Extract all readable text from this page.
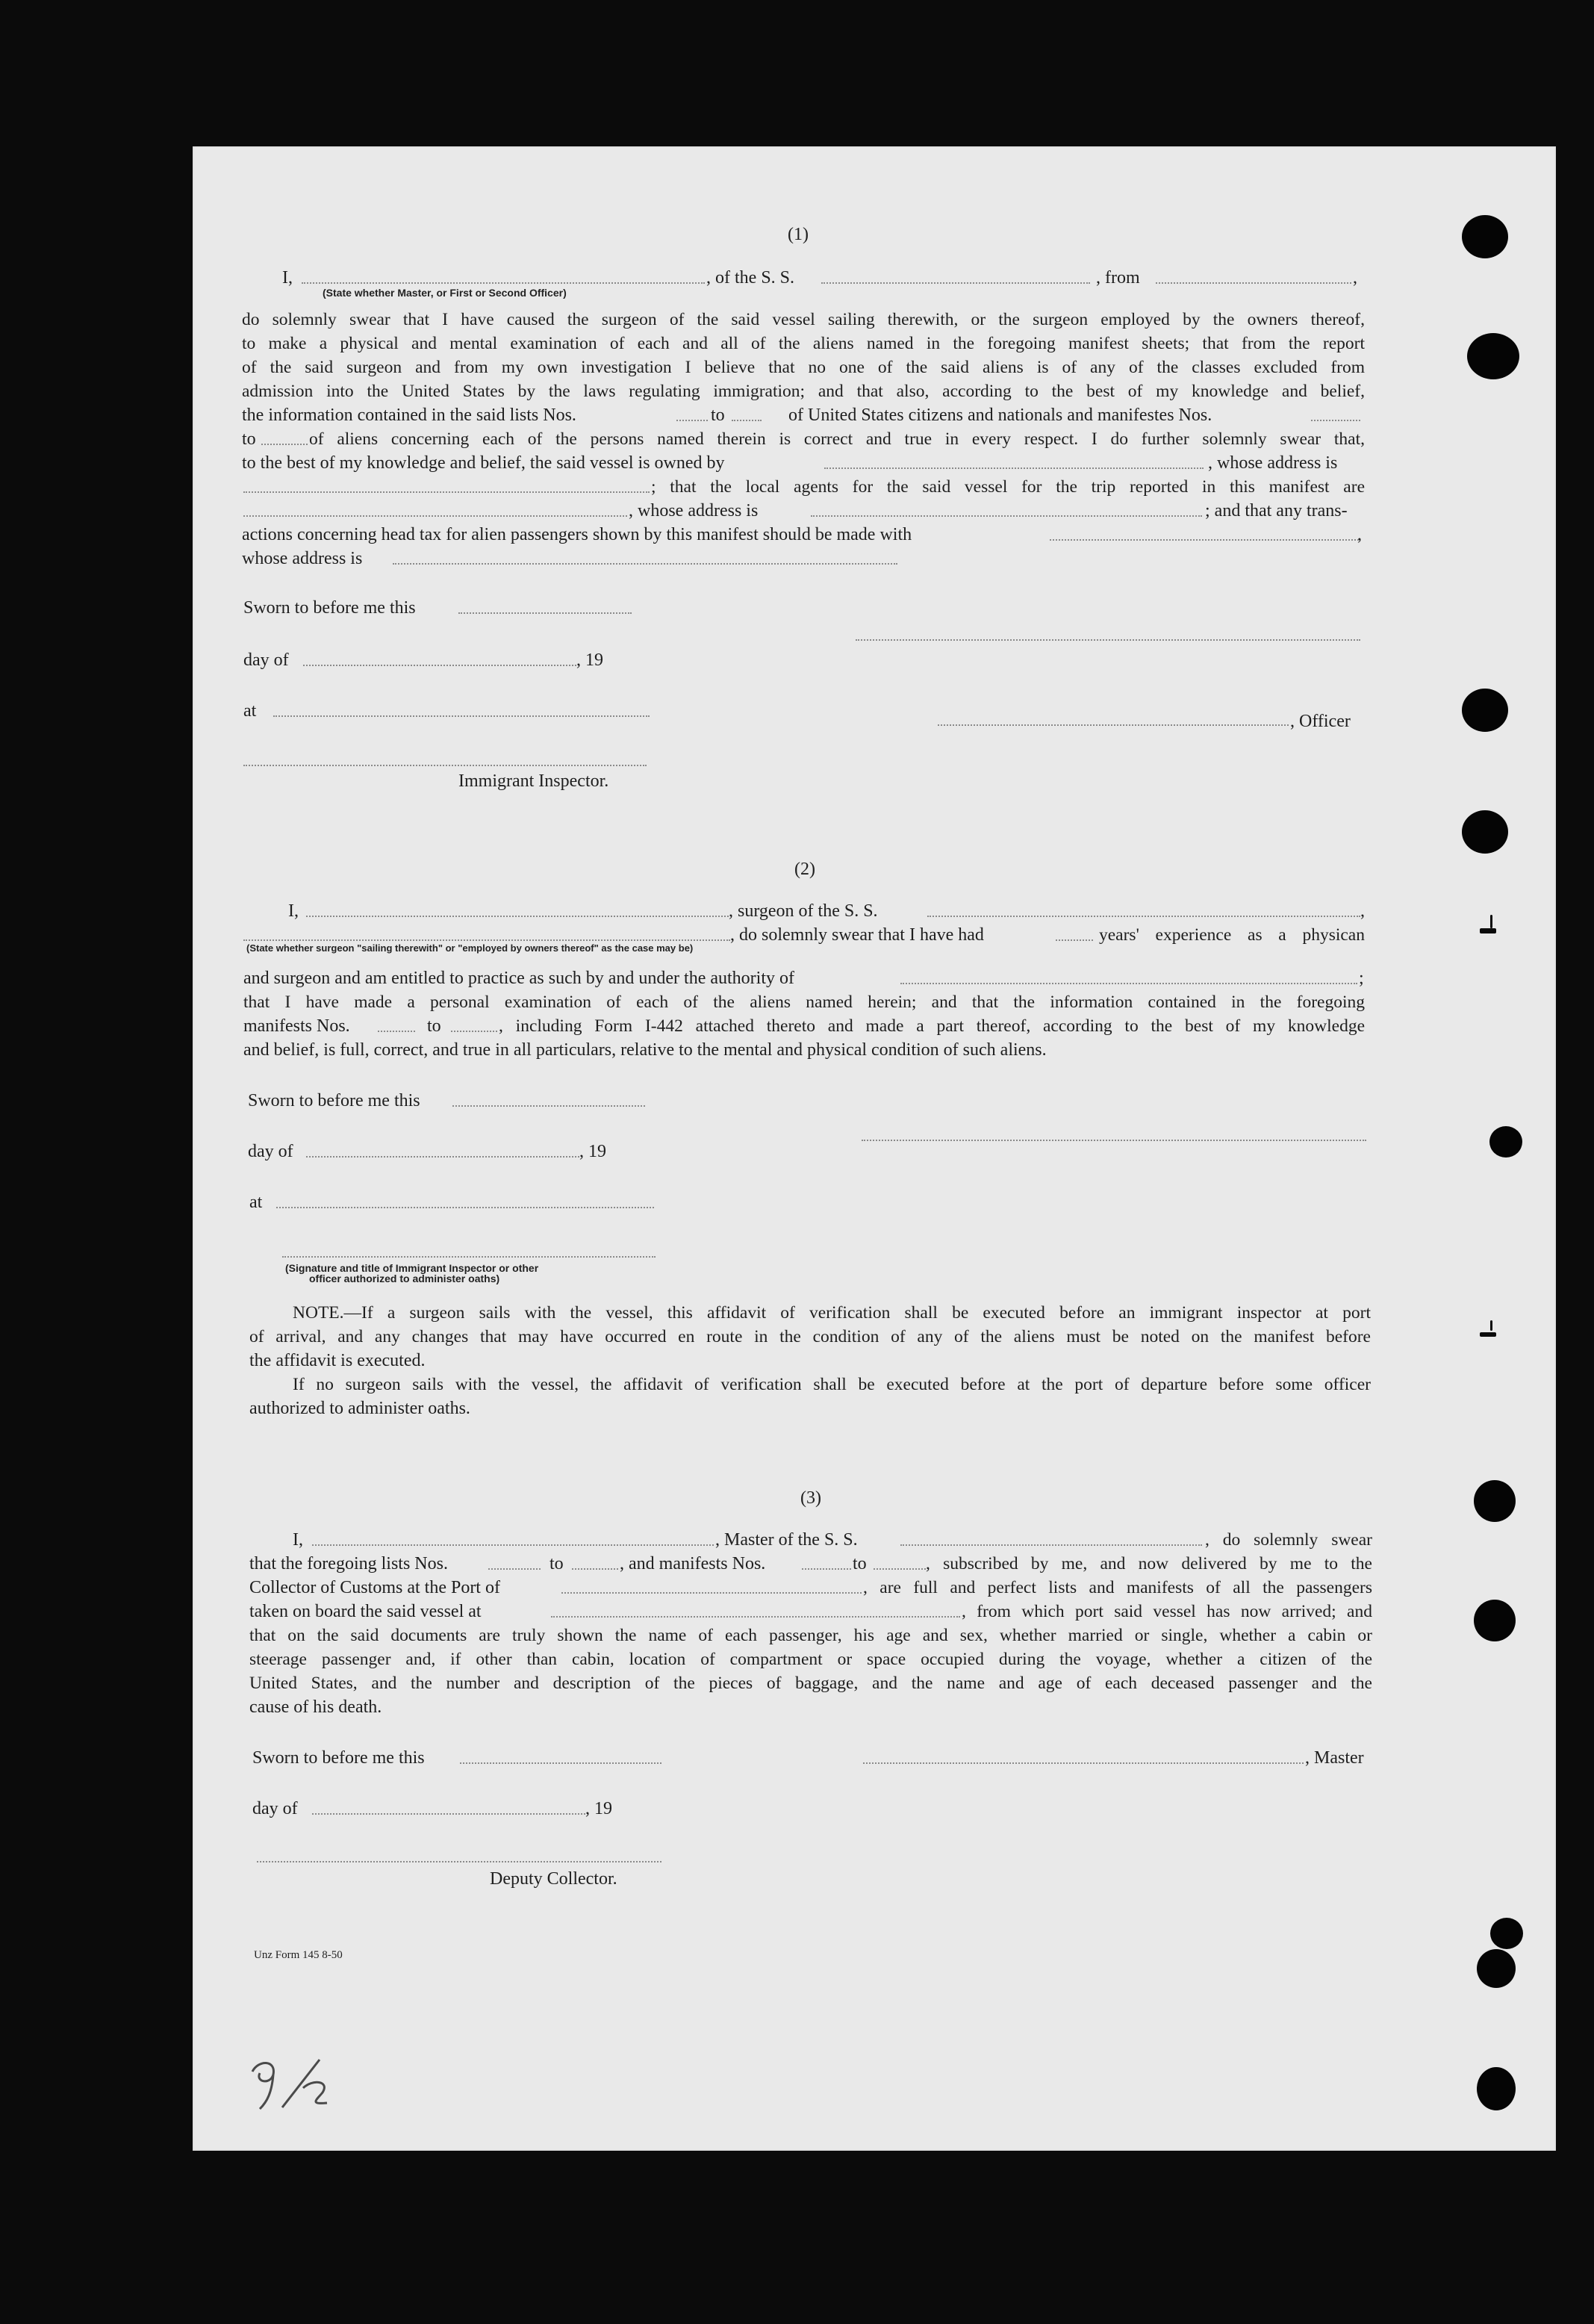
(1)
I,	, of the S. S.	, from	,
(State whether Master, or First or Second Officer)
do solemnly swear that I have caused the surgeon of the said vessel sailing therewith, or the surgeon employed by the owners thereof,
to make a physical and mental examination of each and all of the aliens named in the foregoing manifest sheets; that from the report
of the said surgeon and from my own investigation I believe that no one of the said aliens is of any of the classes excluded from
admission into the United States by the laws regulating immigration; and that also, according to the best of my knowledge and belief,
the information contained in the said lists Nos.	to	of United States citizens and nationals and manifestes Nos.
to	of aliens concerning each of the persons named therein is correct and true in every respect. I do further solemnly swear that,
to the best of my knowledge and belief, the said vessel is owned by	, whose address is
; that the local agents for the said vessel for the trip reported in this manifest are
, whose address is	; and that any trans-
actions concerning head tax for alien passengers shown by this manifest should be made with	,
whose address is
Sworn to before me this
day of	, 19
at
, Officer
Immigrant Inspector.
(2)
I,	, surgeon of the S. S.	,
, do solemnly swear that I have had	years' experience as a physican
(State whether surgeon "sailing therewith" or "employed by owners thereof" as the case may be)
and surgeon and am entitled to practice as such by and under the authority of	;
that I have made a personal examination of each of the aliens named herein; and that the information contained in the foregoing
manifests Nos.	to	, including Form I-442 attached thereto and made a part thereof, according to the best of my knowledge
and belief, is full, correct, and true in all particulars, relative to the mental and physical condition of such aliens.
Sworn to before me this
day of	, 19
at
(Signature and title of Immigrant Inspector or other
officer authorized to administer oaths)
NOTE.—If a surgeon sails with the vessel, this affidavit of verification shall be executed before an immigrant inspector at port
of arrival, and any changes that may have occurred en route in the condition of any of the aliens must be noted on the manifest before
the affidavit is executed.
If no surgeon sails with the vessel, the affidavit of verification shall be executed before at the port of departure before some officer
authorized to administer oaths.
(3)
I,	, Master of the S. S.	, do solemnly swear
that the foregoing lists Nos.	to	, and manifests Nos.	to	, subscribed by me, and now delivered by me to the
Collector of Customs at the Port of	, are full and perfect lists and manifests of all the passengers
taken on board the said vessel at	, from which port said vessel has now arrived; and
that on the said documents are truly shown the name of each passenger, his age and sex, whether married or single, whether a cabin or
steerage passenger and, if other than cabin, location of compartment or space occupied during the voyage, whether a citizen of the
United States, and the number and description of the pieces of baggage, and the name and age of each deceased passenger and the
cause of his death.
Sworn to before me this	, Master
day of	, 19
Deputy Collector.
Unz Form 145 8-50
